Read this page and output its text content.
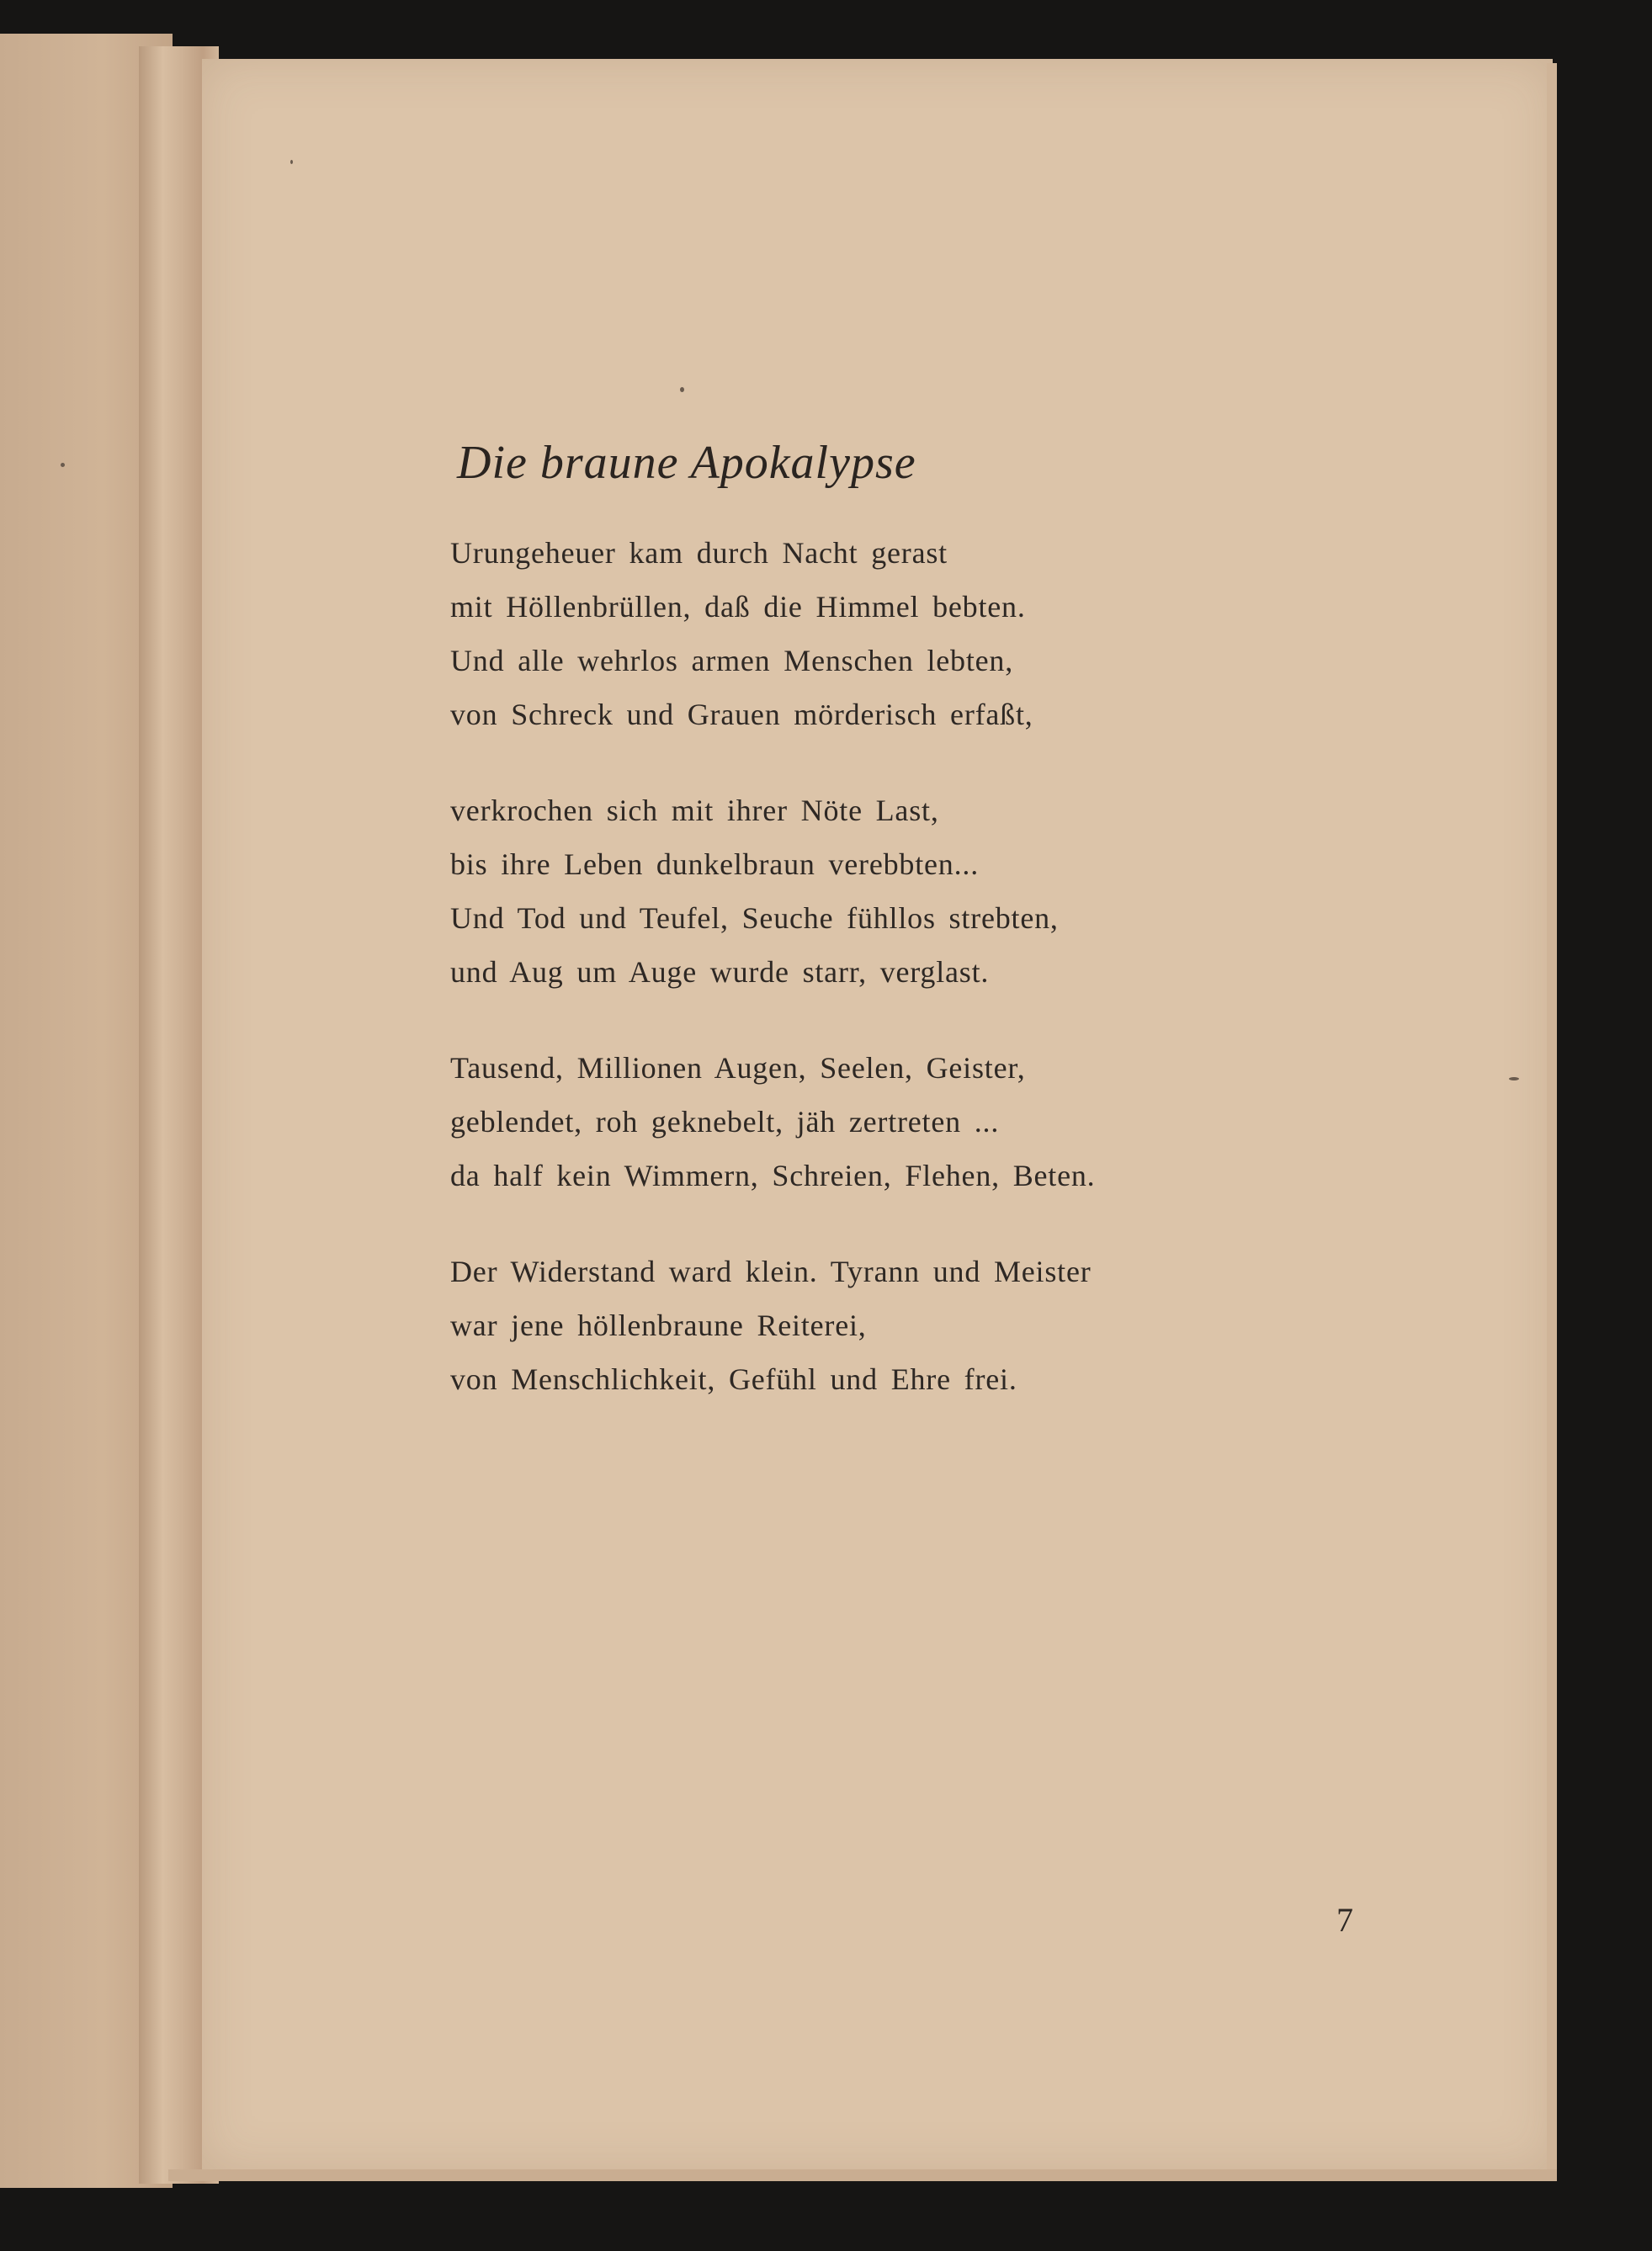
Die braune Apokalypse
Urungeheuer kam durch Nacht gerast
mit Höllenbrüllen, daß die Himmel bebten.
Und alle wehrlos armen Menschen lebten,
von Schreck und Grauen mörderisch erfaßt,
verkrochen sich mit ihrer Nöte Last,
bis ihre Leben dunkelbraun verebbten...
Und Tod und Teufel, Seuche fühllos strebten,
und Aug um Auge wurde starr, verglast.
Tausend, Millionen Augen, Seelen, Geister,
geblendet, roh geknebelt, jäh zertreten ...
da half kein Wimmern, Schreien, Flehen, Beten.
Der Widerstand ward klein. Tyrann und Meister
war jene höllenbraune Reiterei,
von Menschlichkeit, Gefühl und Ehre frei.
7
